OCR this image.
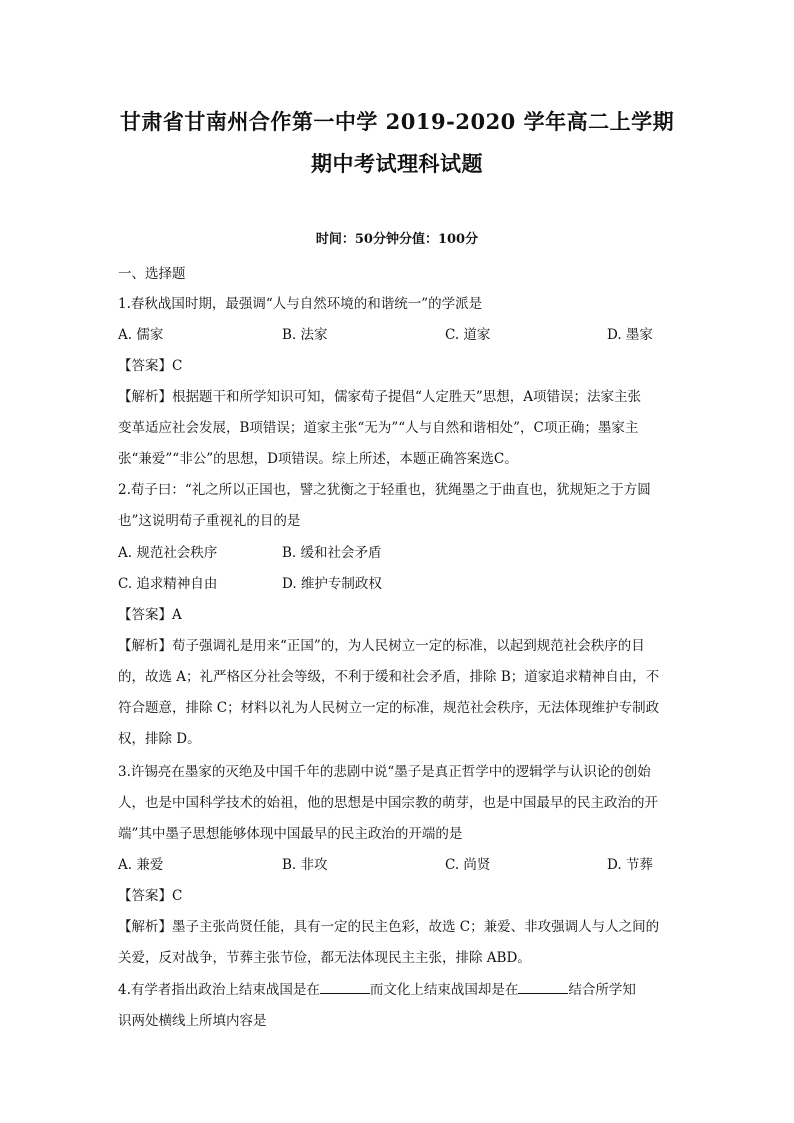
甘肃省甘南州合作第一中学 2019-2020 学年高二上学期
期中考试理科试题
时间：50分钟分值：100分
一、选择题
1.春秋战国时期，最强调“人与自然环境的和谐统一”的学派是
A. 儒家	B. 法家	C. 道家	D. 墨家
【答案】C
【解析】根据题干和所学知识可知，儒家荀子提倡“人定胜天”思想，A项错误；法家主张
变革适应社会发展，B项错误；道家主张“无为”“人与自然和谐相处”，C项正确；墨家主
张“兼爱”“非公”的思想，D项错误。综上所述，本题正确答案选C。
2.荀子曰：“礼之所以正国也，譬之犹衡之于轻重也，犹绳墨之于曲直也，犹规矩之于方圆
也”这说明荀子重视礼的目的是
A. 规范社会秩序	B. 缓和社会矛盾
C. 追求精神自由	D. 维护专制政权
【答案】A
【解析】荀子强调礼是用来“正国”的，为人民树立一定的标准，以起到规范社会秩序的目
的，故选 A；礼严格区分社会等级，不利于缓和社会矛盾，排除 B；道家追求精神自由，不
符合题意，排除 C；材料以礼为人民树立一定的标准，规范社会秩序，无法体现维护专制政
权，排除 D。
3.许锡亮在墨家的灭绝及中国千年的悲剧中说“墨子是真正哲学中的逻辑学与认识论的创始
人，也是中国科学技术的始祖，他的思想是中国宗教的萌芽，也是中国最早的民主政治的开
端”其中墨子思想能够体现中国最早的民主政治的开端的是
A. 兼爱	B. 非攻	C. 尚贤	D. 节葬
【答案】C
【解析】墨子主张尚贤任能，具有一定的民主色彩，故选 C；兼爱、非攻强调人与人之间的
关爱，反对战争，节葬主张节俭，都无法体现民主主张，排除 ABD。
4.有学者指出政治上结束战国是在	而文化上结束战国却是在	结合所学知
识两处横线上所填内容是
